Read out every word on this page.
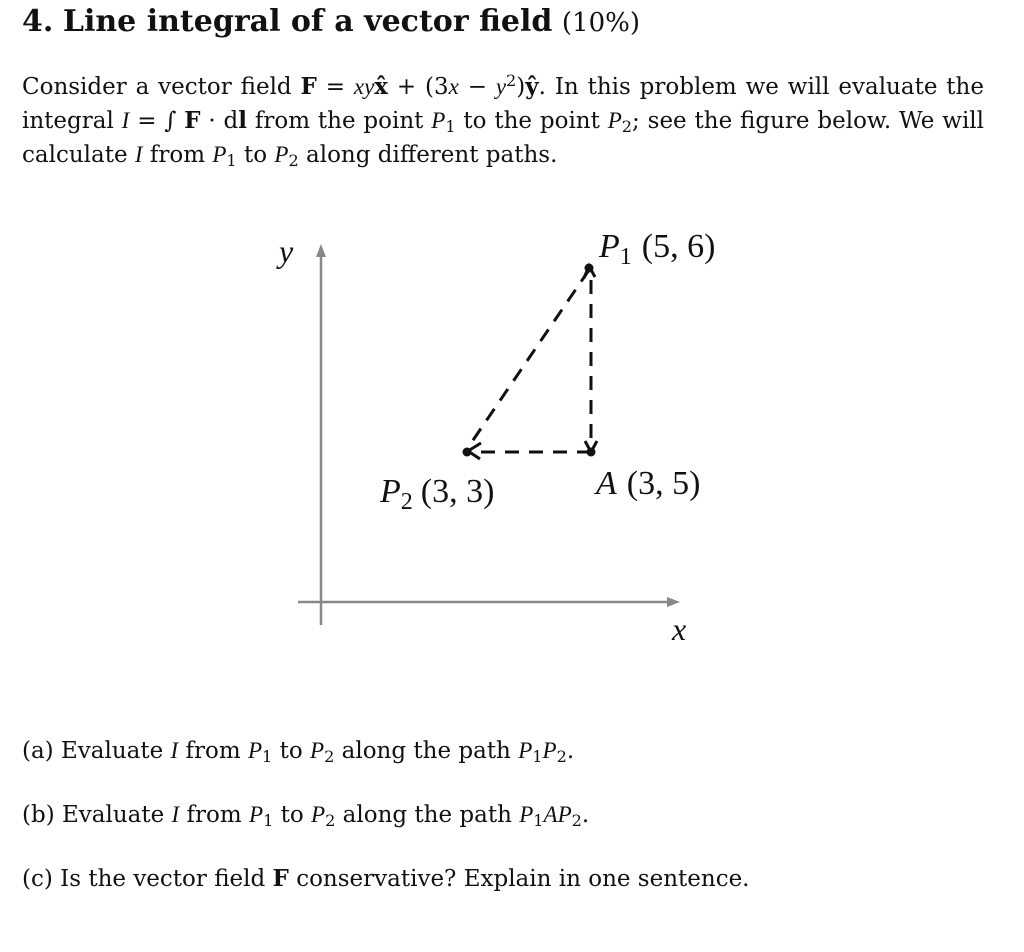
4. Line integral of a vector field (10%)
Consider a vector field F = xyx̂ + $(3x - y^2)ŷ$. In this problem we will evaluate the integral I = ∫ F · dl from the point $P_1$ to the point $P_2$; see the figure below. We will calculate I from $P_1$ to $P_2$ along different paths.
y
x
$P_1$ (5, 6)
$P_2$ (3, 3)	A (3, 5)
(a) Evaluate I from $P_1$ to $P_2$ along the path $P_1P_2$.
(b) Evaluate I from $P_1$ to $P_2$ along the path $P_1AP_2$.
(c) Is the vector field F conservative? Explain in one sentence.
